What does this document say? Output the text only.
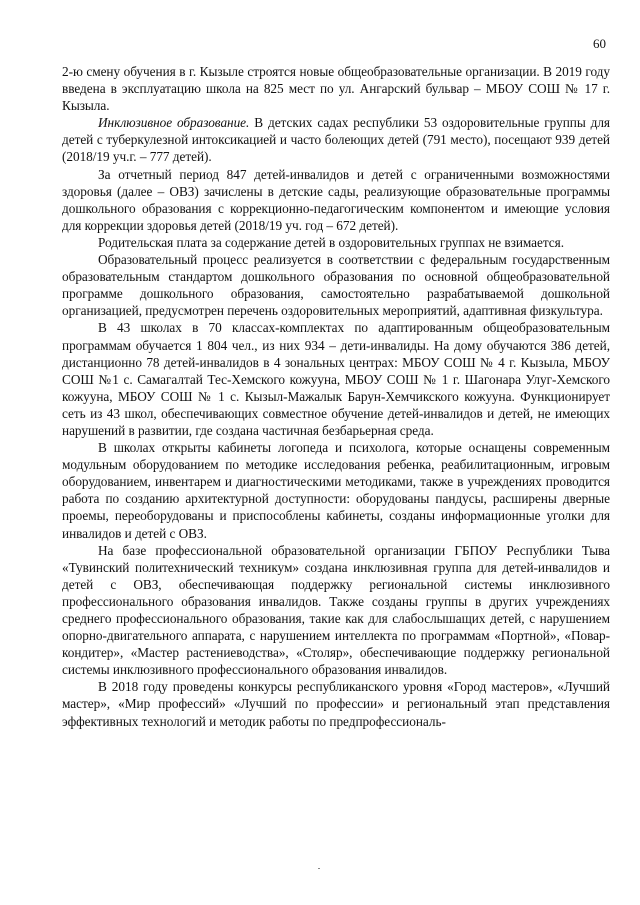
60

2-ю смену обучения в г. Кызыле строятся новые общеобразовательные организации. В 2019 году введена в эксплуатацию школа на 825 мест по ул. Ангарский бульвар – МБОУ СОШ № 17 г. Кызыла.

Инклюзивное образование. В детских садах республики 53 оздоровительные группы для детей с туберкулезной интоксикацией и часто болеющих детей (791 место), посещают 939 детей (2018/19 уч.г. – 777 детей).

За отчетный период 847 детей-инвалидов и детей с ограниченными возможностями здоровья (далее – ОВЗ) зачислены в детские сады, реализующие образовательные программы дошкольного образования с коррекционно-педагогическим компонентом и имеющие условия для коррекции здоровья детей (2018/19 уч. год – 672 детей).

Родительская плата за содержание детей в оздоровительных группах не взимается.

Образовательный процесс реализуется в соответствии с федеральным государственным образовательным стандартом дошкольного образования по основной общеобразовательной программе дошкольного образования, самостоятельно разрабатываемой дошкольной организацией, предусмотрен перечень оздоровительных мероприятий, адаптивная физкультура.

В 43 школах в 70 классах-комплектах по адаптированным общеобразовательным программам обучается 1 804 чел., из них 934 – дети-инвалиды. На дому обучаются 386 детей, дистанционно 78 детей-инвалидов в 4 зональных центрах: МБОУ СОШ № 4 г. Кызыла, МБОУ СОШ №1 с. Самагалтай Тес-Хемского кожууна, МБОУ СОШ № 1 г. Шагонара Улуг-Хемского кожууна, МБОУ СОШ № 1 с. Кызыл-Мажалык Барун-Хемчикского кожууна. Функционирует сеть из 43 школ, обеспечивающих совместное обучение детей-инвалидов и детей, не имеющих нарушений в развитии, где создана частичная безбарьерная среда.

В школах открыты кабинеты логопеда и психолога, которые оснащены современным модульным оборудованием по методике исследования ребенка, реабилитационным, игровым оборудованием, инвентарем и диагностическими методиками, также в учреждениях проводится работа по созданию архитектурной доступности: оборудованы пандусы, расширены дверные проемы, переоборудованы и приспособлены кабинеты, созданы информационные уголки для инвалидов и детей с ОВЗ.

На базе профессиональной образовательной организации ГБПОУ Республики Тыва «Тувинский политехнический техникум» создана инклюзивная группа для детей-инвалидов и детей с ОВЗ, обеспечивающая поддержку региональной системы инклюзивного профессионального образования инвалидов. Также созданы группы в других учреждениях среднего профессионального образования, такие как для слабослышащих детей, с нарушением опорно-двигательного аппарата, с нарушением интеллекта по программам «Портной», «Повар-кондитер», «Мастер растениеводства», «Столяр», обеспечивающие поддержку региональной системы инклюзивного профессионального образования инвалидов.

В 2018 году проведены конкурсы республиканского уровня «Город мастеров», «Лучший мастер», «Мир профессий» «Лучший по профессии» и региональный этап представления эффективных технологий и методик работы по предпрофессиональ-
